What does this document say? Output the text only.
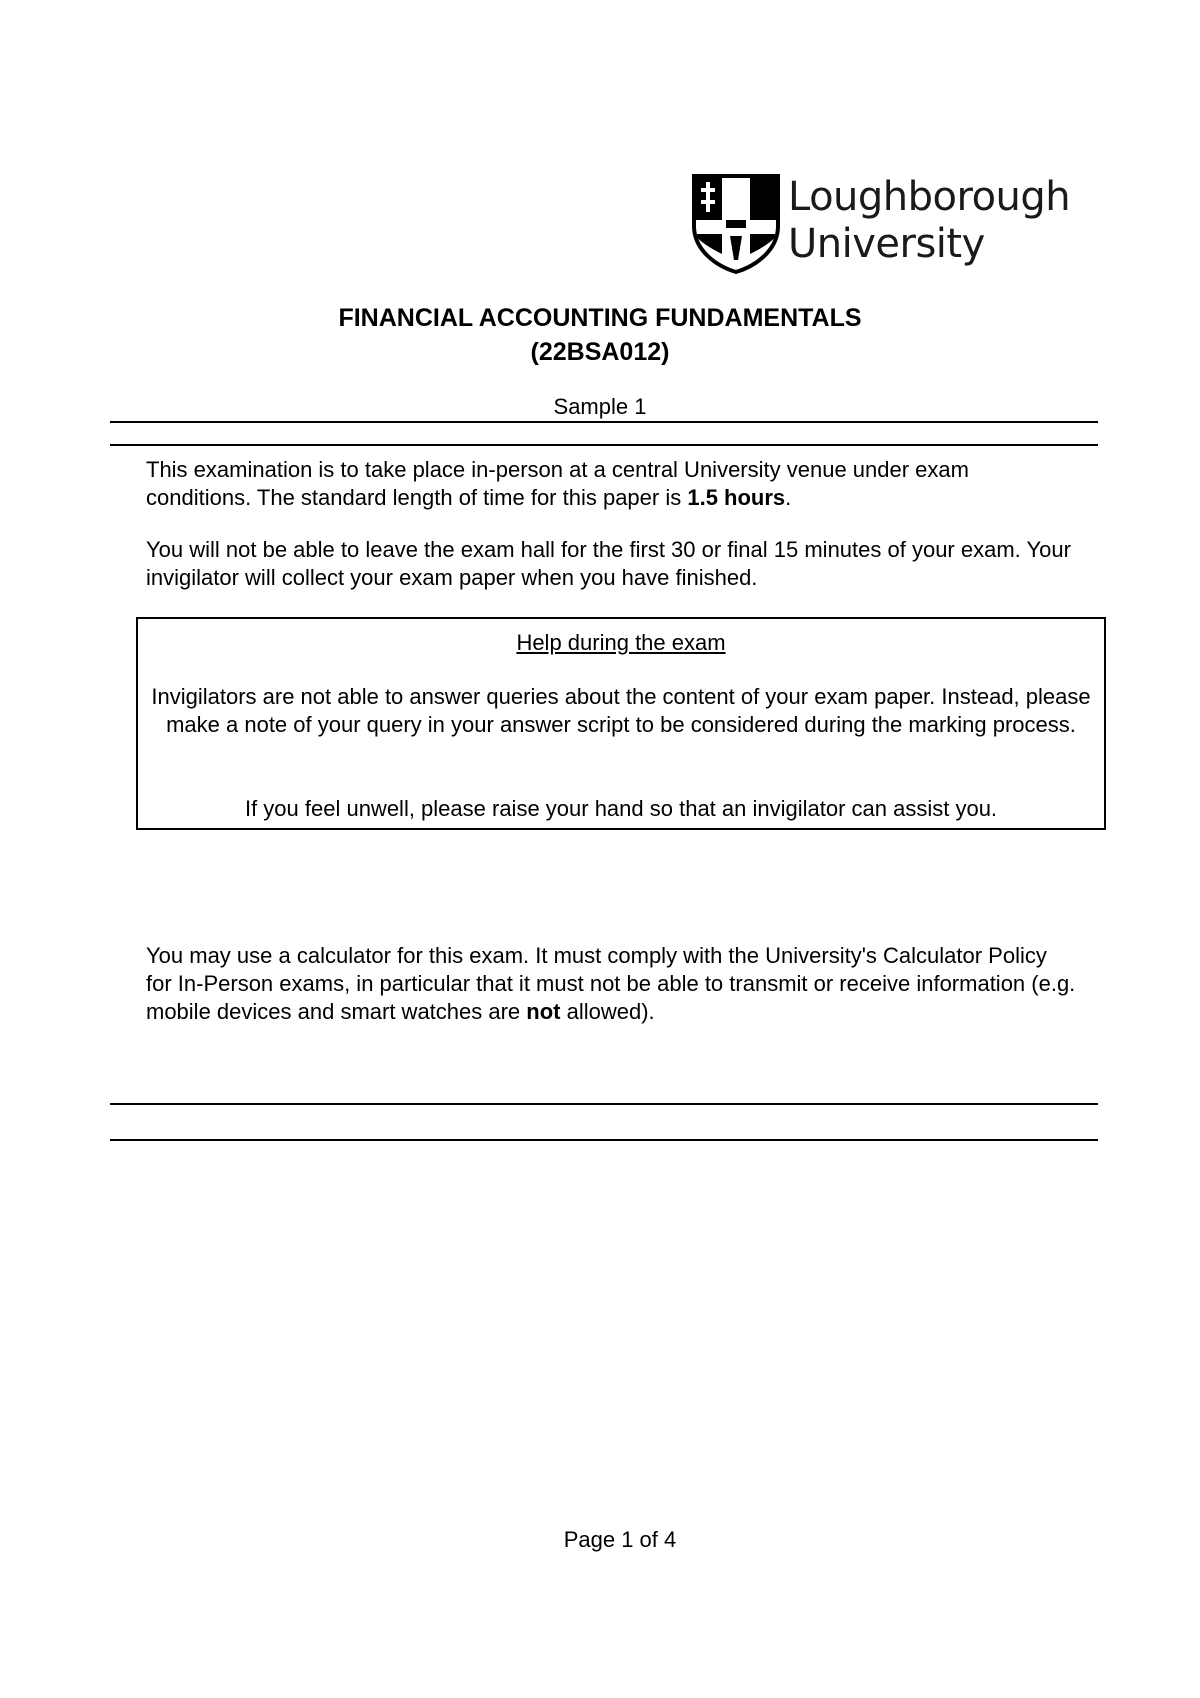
Loughborough
University
FINANCIAL ACCOUNTING FUNDAMENTALS
(22BSA012)
Sample 1
This examination is to take place in-person at a central University venue under exam conditions. The standard length of time for this paper is 1.5 hours.
You will not be able to leave the exam hall for the first 30 or final 15 minutes of your exam. Your invigilator will collect your exam paper when you have finished.
Help during the exam
Invigilators are not able to answer queries about the content of your exam paper. Instead, please make a note of your query in your answer script to be considered during the marking process.
If you feel unwell, please raise your hand so that an invigilator can assist you.
You may use a calculator for this exam. It must comply with the University's Calculator Policy for In-Person exams, in particular that it must not be able to transmit or receive information (e.g. mobile devices and smart watches are not allowed).
Page 1 of 4
